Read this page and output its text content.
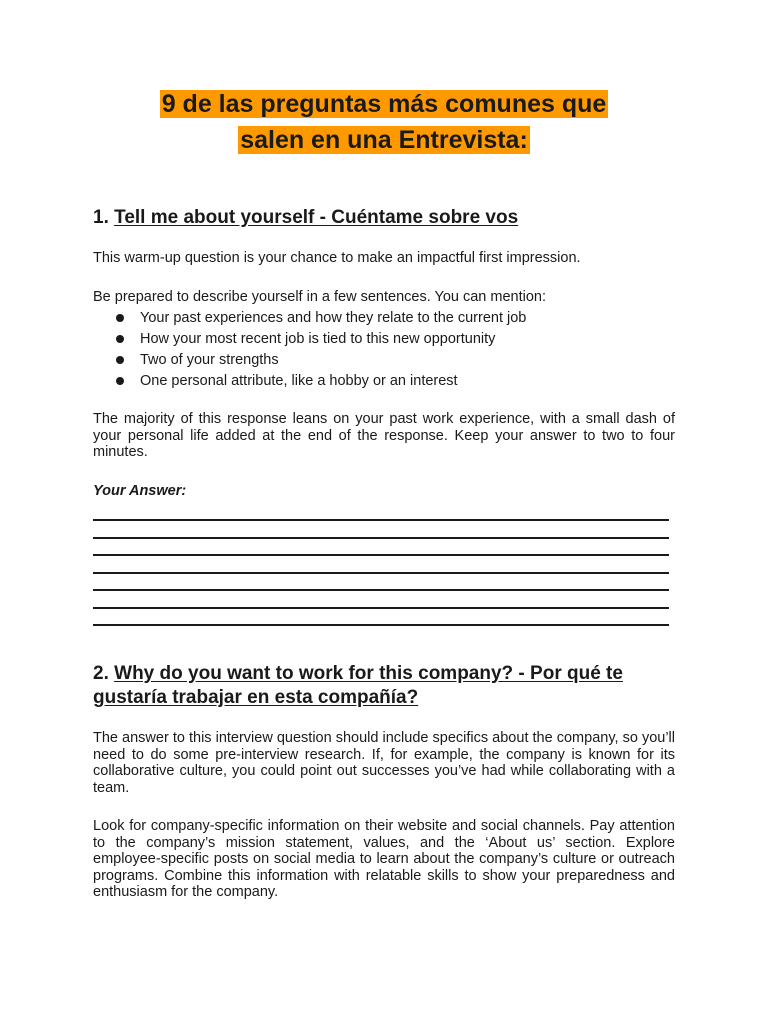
9 de las preguntas más comunes que
salen en una Entrevista:
1. Tell me about yourself - Cuéntame sobre vos
This warm-up question is your chance to make an impactful first impression.
Be prepared to describe yourself in a few sentences. You can mention:
Your past experiences and how they relate to the current job
How your most recent job is tied to this new opportunity
Two of your strengths
One personal attribute, like a hobby or an interest
The majority of this response leans on your past work experience, with a small dash of your personal life added at the end of the response. Keep your answer to two to four minutes.
Your Answer:
2. Why do you want to work for this company? - Por qué te
gustaría trabajar en esta compañía?
The answer to this interview question should include specifics about the company, so you’ll need to do some pre-interview research. If, for example, the company is known for its collaborative culture, you could point out successes you’ve had while collaborating with a team.
Look for company-specific information on their website and social channels. Pay attention to the company’s mission statement, values, and the ‘About us’ section. Explore employee-specific posts on social media to learn about the company’s culture or outreach programs. Combine this information with relatable skills to show your preparedness and enthusiasm for the company.
